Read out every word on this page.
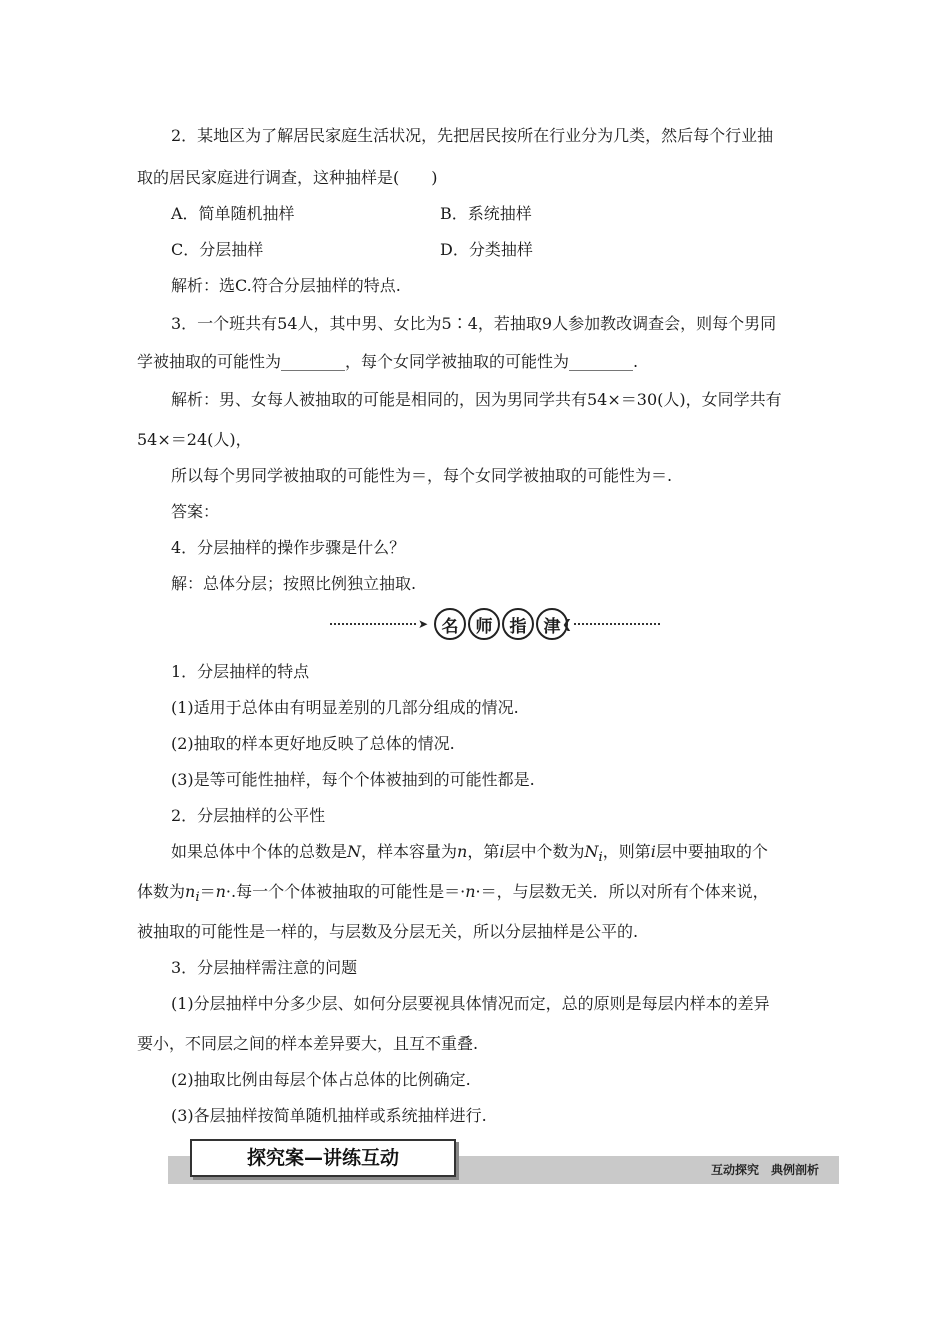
2．某地区为了解居民家庭生活状况，先把居民按所在行业分为几类，然后每个行业抽
取的居民家庭进行调查，这种抽样是(　　)
A．简单随机抽样	B．系统抽样
C．分层抽样	D．分类抽样
解析：选C.符合分层抽样的特点.
3．一个班共有54人，其中男、女比为5∶4，若抽取9人参加教改调查会，则每个男同
学被抽取的可能性为________，每个女同学被抽取的可能性为________.
解析：男、女每人被抽取的可能是相同的，因为男同学共有54×＝30(人)，女同学共有
54×＝24(人)，
所以每个男同学被抽取的可能性为＝，每个女同学被抽取的可能性为＝.
答案：
4．分层抽样的操作步骤是什么？
解：总体分层；按照比例独立抽取.
➤ 名	师	指	津 ❮
1．分层抽样的特点
(1)适用于总体由有明显差别的几部分组成的情况.
(2)抽取的样本更好地反映了总体的情况.
(3)是等可能性抽样，每个个体被抽到的可能性都是.
2．分层抽样的公平性
如果总体中个体的总数是N，样本容量为n，第i层中个数为$N_i$，则第i层中要抽取的个
体数为$n_i=n\cdot$.每一个个体被抽取的可能性是＝·n·＝，与层数无关．所以对所有个体来说，
被抽取的可能性是一样的，与层数及分层无关，所以分层抽样是公平的.
3．分层抽样需注意的问题
(1)分层抽样中分多少层、如何分层要视具体情况而定，总的原则是每层内样本的差异
要小，不同层之间的样本差异要大，且互不重叠.
(2)抽取比例由每层个体占总体的比例确定.
(3)各层抽样按简单随机抽样或系统抽样进行.
互动探究　典例剖析
探究案—讲练互动
